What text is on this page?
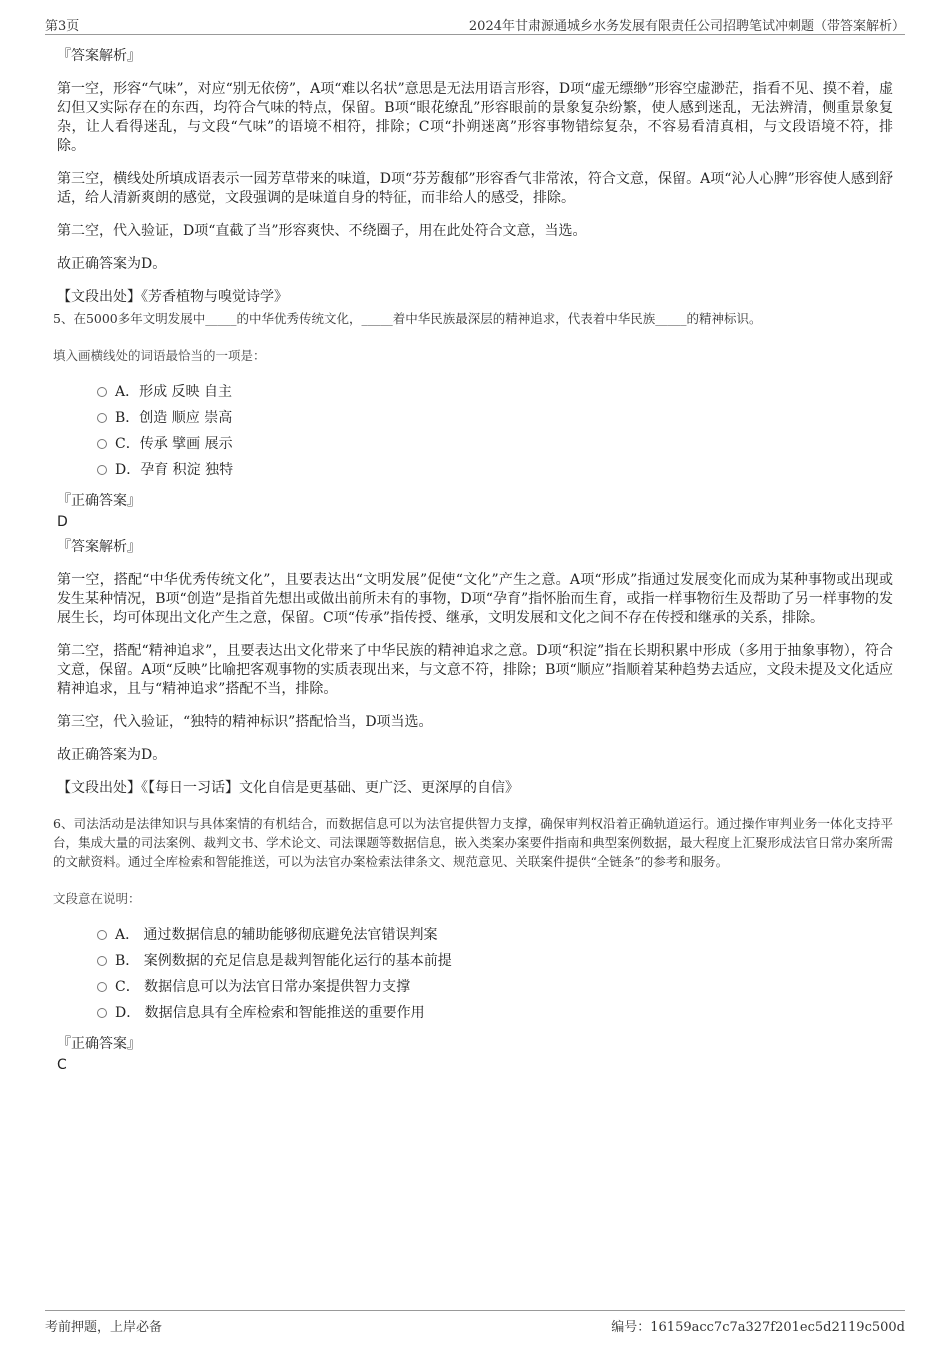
第3页	2024年甘肃源通城乡水务发展有限责任公司招聘笔试冲刺题（带答案解析）
『答案解析』

第一空，形容“气味”，对应“别无依傍”，A项“难以名状”意思是无法用语言形容，D项“虚无缥缈”形容空虚渺茫，指看不见、摸不着，虚幻但又实际存在的东西，均符合气味的特点，保留。B项“眼花缭乱”形容眼前的景象复杂纷繁，使人感到迷乱，无法辨清，侧重景象复杂，让人看得迷乱，与文段“气味”的语境不相符，排除；C项“扑朔迷离”形容事物错综复杂，不容易看清真相，与文段语境不符，排除。

第三空，横线处所填成语表示一园芳草带来的味道，D项“芬芳馥郁”形容香气非常浓，符合文意，保留。A项“沁人心脾”形容使人感到舒适，给人清新爽朗的感觉，文段强调的是味道自身的特征，而非给人的感受，排除。

第二空，代入验证，D项“直截了当”形容爽快、不绕圈子，用在此处符合文意，当选。

故正确答案为D。

【文段出处】《芳香植物与嗅觉诗学》

5、在5000多年文明发展中_____的中华优秀传统文化，_____着中华民族最深层的精神追求，代表着中华民族_____的精神标识。
填入画横线处的词语最恰当的一项是：
A．形成 反映 自主
B．创造 顺应 崇高
C．传承 擘画 展示
D．孕育 积淀 独特
『正确答案』

D

『答案解析』

第一空，搭配“中华优秀传统文化”，且要表达出“文明发展”促使“文化”产生之意。A项“形成”指通过发展变化而成为某种事物或出现或发生某种情况，B项“创造”是指首先想出或做出前所未有的事物，D项“孕育”指怀胎而生育，或指一样事物衍生及帮助了另一样事物的发展生长，均可体现出文化产生之意，保留。C项“传承”指传授、继承，文明发展和文化之间不存在传授和继承的关系，排除。

第二空，搭配“精神追求”，且要表达出文化带来了中华民族的精神追求之意。D项“积淀”指在长期积累中形成（多用于抽象事物），符合文意，保留。A项“反映”比喻把客观事物的实质表现出来，与文意不符，排除；B项“顺应”指顺着某种趋势去适应，文段未提及文化适应精神追求，且与“精神追求”搭配不当，排除。

第三空，代入验证，“独特的精神标识”搭配恰当，D项当选。

故正确答案为D。

【文段出处】《【每日一习话】文化自信是更基础、更广泛、更深厚的自信》

6、司法活动是法律知识与具体案情的有机结合，而数据信息可以为法官提供智力支撑，确保审判权沿着正确轨道运行。通过操作审判业务一体化支持平台，集成大量的司法案例、裁判文书、学术论文、司法课题等数据信息，嵌入类案办案要件指南和典型案例数据，最大程度上汇聚形成法官日常办案所需的文献资料。通过全库检索和智能推送，可以为法官办案检索法律条文、规范意见、关联案件提供“全链条”的参考和服务。
文段意在说明：
A． 通过数据信息的辅助能够彻底避免法官错误判案
B． 案例数据的充足信息是裁判智能化运行的基本前提
C． 数据信息可以为法官日常办案提供智力支撑
D． 数据信息具有全库检索和智能推送的重要作用
『正确答案』

C

考前押题，上岸必备	编号：16159acc7c7a327f201ec5d2119c500d
